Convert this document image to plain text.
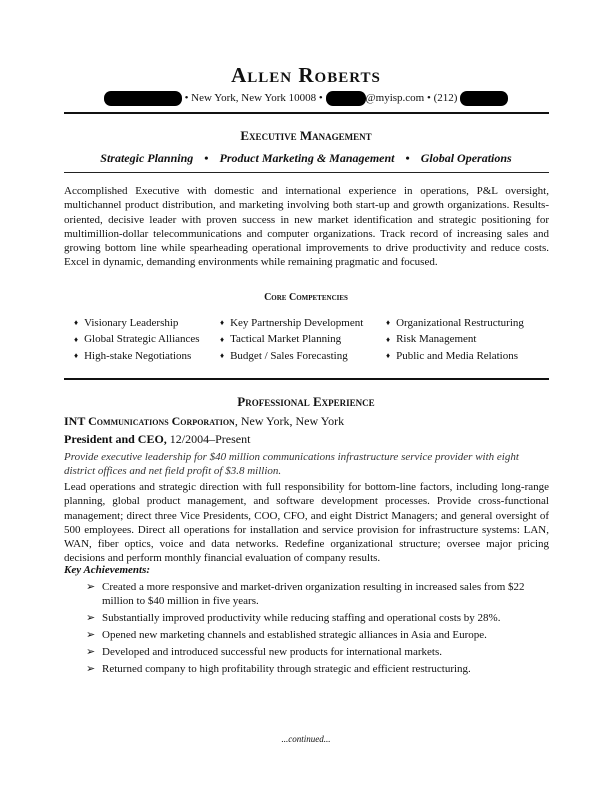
Allen Roberts
• New York, New York 10008 •	@myisp.com • (212)
Executive Management
Strategic Planning • Product Marketing & Management • Global Operations
Accomplished Executive with domestic and international experience in operations, P&L oversight, multichannel product distribution, and marketing involving both start-up and growth organizations. Results-oriented, decisive leader with proven success in new market identification and strategic positioning for multimillion-dollar telecommunications and computer organizations. Track record of increasing sales and growing bottom line while spearheading operational improvements to drive productivity and reduce costs. Excel in dynamic, demanding environments while remaining pragmatic and focused.
Core Competencies
♦ Visionary Leadership
♦ Global Strategic Alliances
♦ High-stake Negotiations
♦ Key Partnership Development
♦ Tactical Market Planning
♦ Budget / Sales Forecasting
♦ Organizational Restructuring
♦ Risk Management
♦ Public and Media Relations
Professional Experience
INT Communications Corporation, New York, New York
President and CEO, 12/2004–Present
Provide executive leadership for $40 million communications infrastructure service provider with eight district offices and net field profit of $3.8 million.
Lead operations and strategic direction with full responsibility for bottom-line factors, including long-range planning, global product management, and software development processes. Provide cross-functional management; direct three Vice Presidents, COO, CFO, and eight District Managers; and general oversight of 500 employees. Direct all operations for installation and service provision for infrastructure systems: LAN, WAN, fiber optics, voice and data networks. Redefine organizational structure; oversee major pricing decisions and perform monthly financial evaluation of company results.
Key Achievements:
➢ Created a more responsive and market-driven organization resulting in increased sales from $22 million to $40 million in five years.
➢ Substantially improved productivity while reducing staffing and operational costs by 28%.
➢ Opened new marketing channels and established strategic alliances in Asia and Europe.
➢ Developed and introduced successful new products for international markets.
➢ Returned company to high profitability through strategic and efficient restructuring.
...continued...
